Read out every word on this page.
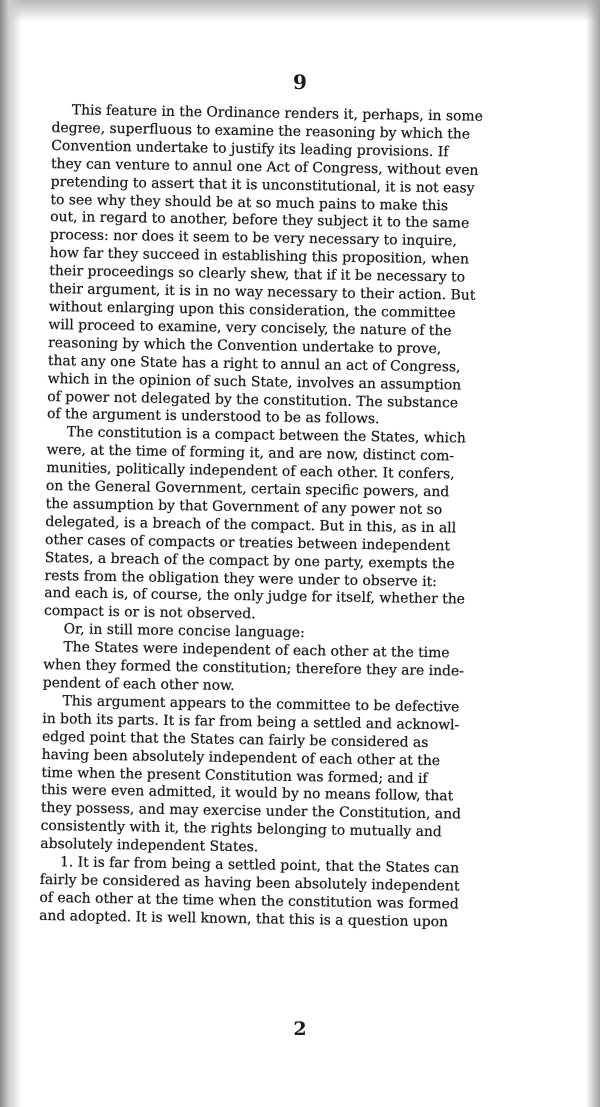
9
This feature in the Ordinance renders it, perhaps, in some
degree, superfluous to examine the reasoning by which the
Convention undertake to justify its leading provisions. If
they can venture to annul one Act of Congress, without even
pretending to assert that it is unconstitutional, it is not easy
to see why they should be at so much pains to make this
out, in regard to another, before they subject it to the same
process: nor does it seem to be very necessary to inquire,
how far they succeed in establishing this proposition, when
their proceedings so clearly shew, that if it be necessary to
their argument, it is in no way necessary to their action. But
without enlarging upon this consideration, the committee
will proceed to examine, very concisely, the nature of the
reasoning by which the Convention undertake to prove,
that any one State has a right to annul an act of Congress,
which in the opinion of such State, involves an assumption
of power not delegated by the constitution. The substance
of the argument is understood to be as follows.
The constitution is a compact between the States, which
were, at the time of forming it, and are now, distinct com-
munities, politically independent of each other. It confers,
on the General Government, certain specific powers, and
the assumption by that Government of any power not so
delegated, is a breach of the compact. But in this, as in all
other cases of compacts or treaties between independent
States, a breach of the compact by one party, exempts the
rests from the obligation they were under to observe it:
and each is, of course, the only judge for itself, whether the
compact is or is not observed.
Or, in still more concise language:
The States were independent of each other at the time
when they formed the constitution; therefore they are inde-
pendent of each other now.
This argument appears to the committee to be defective
in both its parts. It is far from being a settled and acknowl-
edged point that the States can fairly be considered as
having been absolutely independent of each other at the
time when the present Constitution was formed; and if
this were even admitted, it would by no means follow, that
they possess, and may exercise under the Constitution, and
consistently with it, the rights belonging to mutually and
absolutely independent States.
1. It is far from being a settled point, that the States can
fairly be considered as having been absolutely independent
of each other at the time when the constitution was formed
and adopted. It is well known, that this is a question upon
2
